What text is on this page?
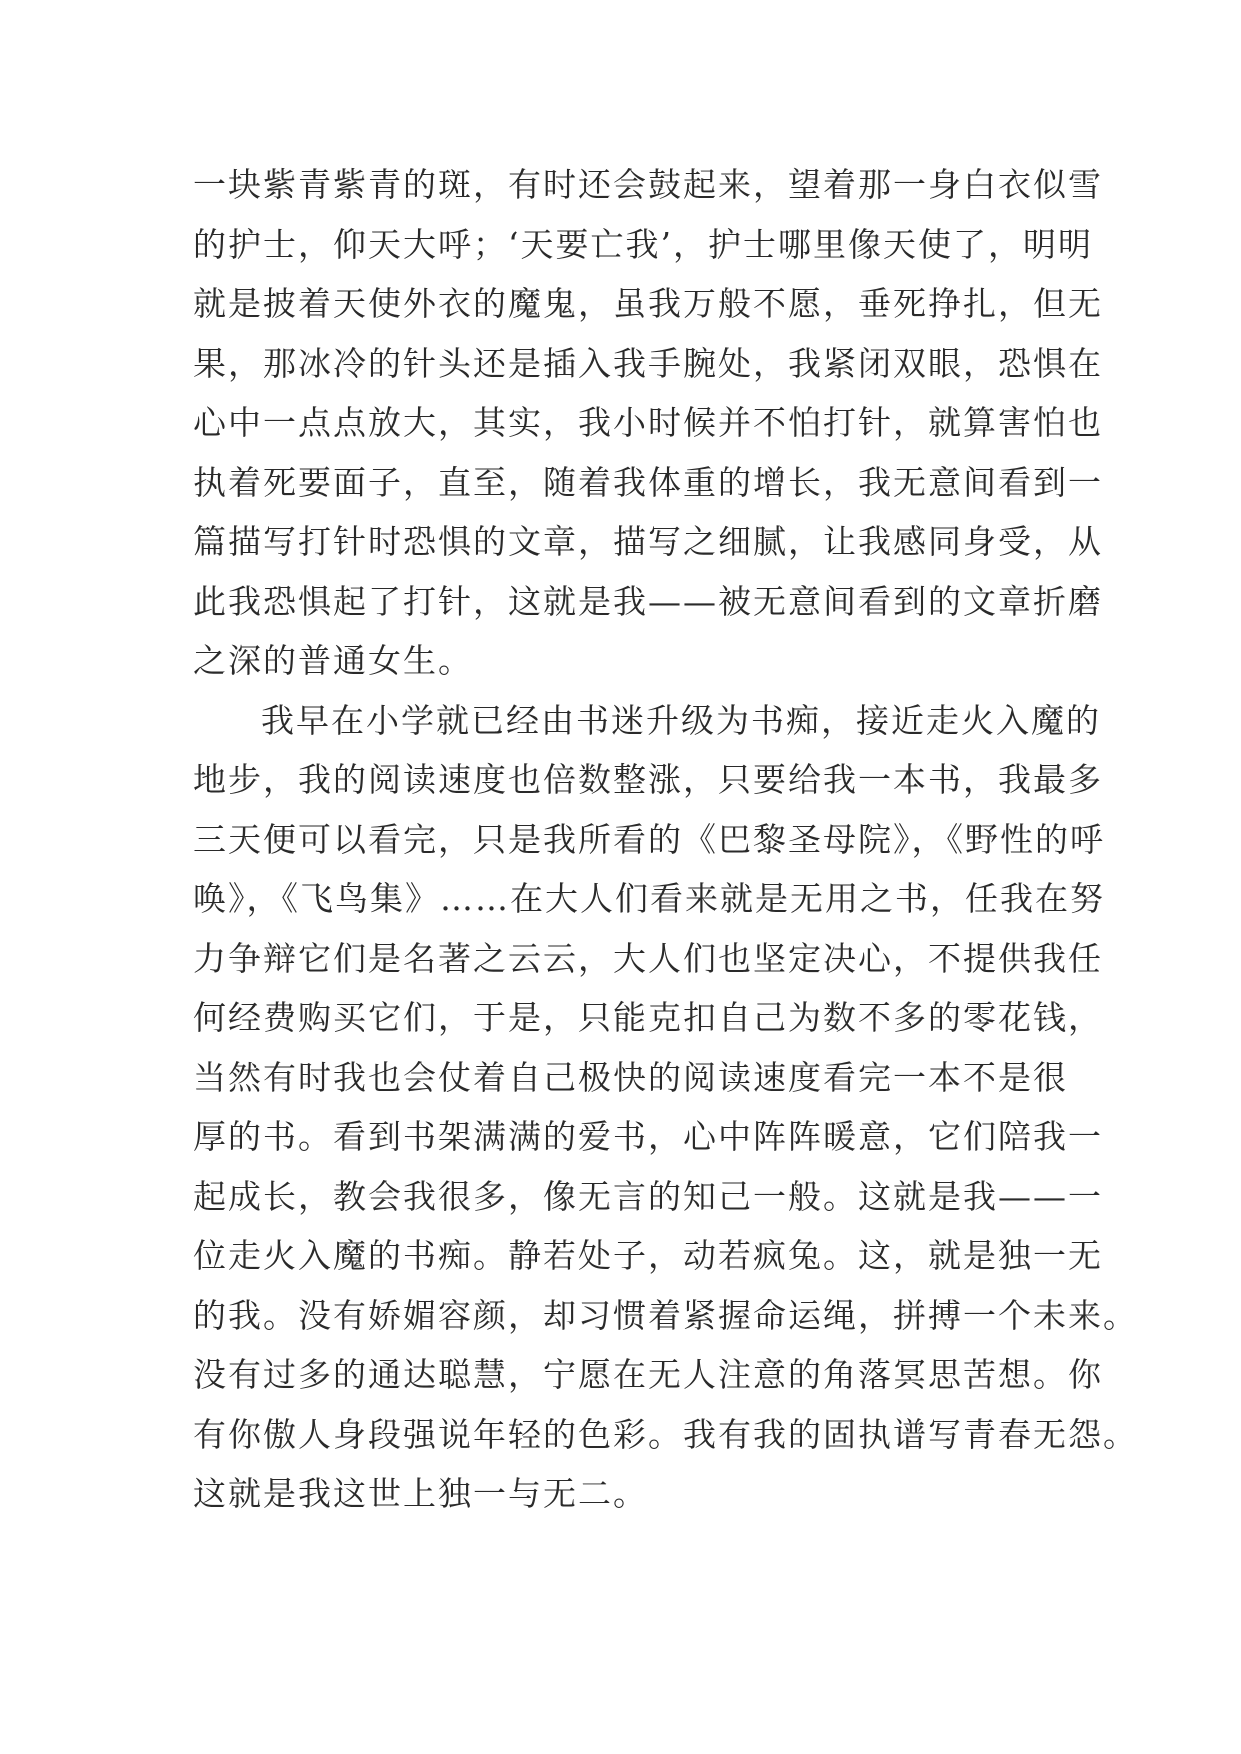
一块紫青紫青的斑，有时还会鼓起来，望着那一身白衣似雪
的护士，仰天大呼；‘天要亡我’，护士哪里像天使了，明明
就是披着天使外衣的魔鬼，虽我万般不愿，垂死挣扎，但无
果，那冰冷的针头还是插入我手腕处，我紧闭双眼，恐惧在
心中一点点放大，其实，我小时候并不怕打针，就算害怕也
执着死要面子，直至，随着我体重的增长，我无意间看到一
篇描写打针时恐惧的文章，描写之细腻，让我感同身受，从
此我恐惧起了打针，这就是我——被无意间看到的文章折磨
之深的普通女生。
我早在小学就已经由书迷升级为书痴，接近走火入魔的
地步，我的阅读速度也倍数整涨，只要给我一本书，我最多
三天便可以看完，只是我所看的《巴黎圣母院》，《野性的呼
唤》，《飞鸟集》……在大人们看来就是无用之书，任我在努
力争辩它们是名著之云云，大人们也坚定决心，不提供我任
何经费购买它们，于是，只能克扣自己为数不多的零花钱，
当然有时我也会仗着自己极快的阅读速度看完一本不是很
厚的书。看到书架满满的爱书，心中阵阵暖意，它们陪我一
起成长，教会我很多，像无言的知己一般。这就是我——一
位走火入魔的书痴。静若处子，动若疯兔。这，就是独一无
的我。没有娇媚容颜，却习惯着紧握命运绳，拼搏一个未来。
没有过多的通达聪慧，宁愿在无人注意的角落冥思苦想。你
有你傲人身段强说年轻的色彩。我有我的固执谱写青春无怨。
这就是我这世上独一与无二。
